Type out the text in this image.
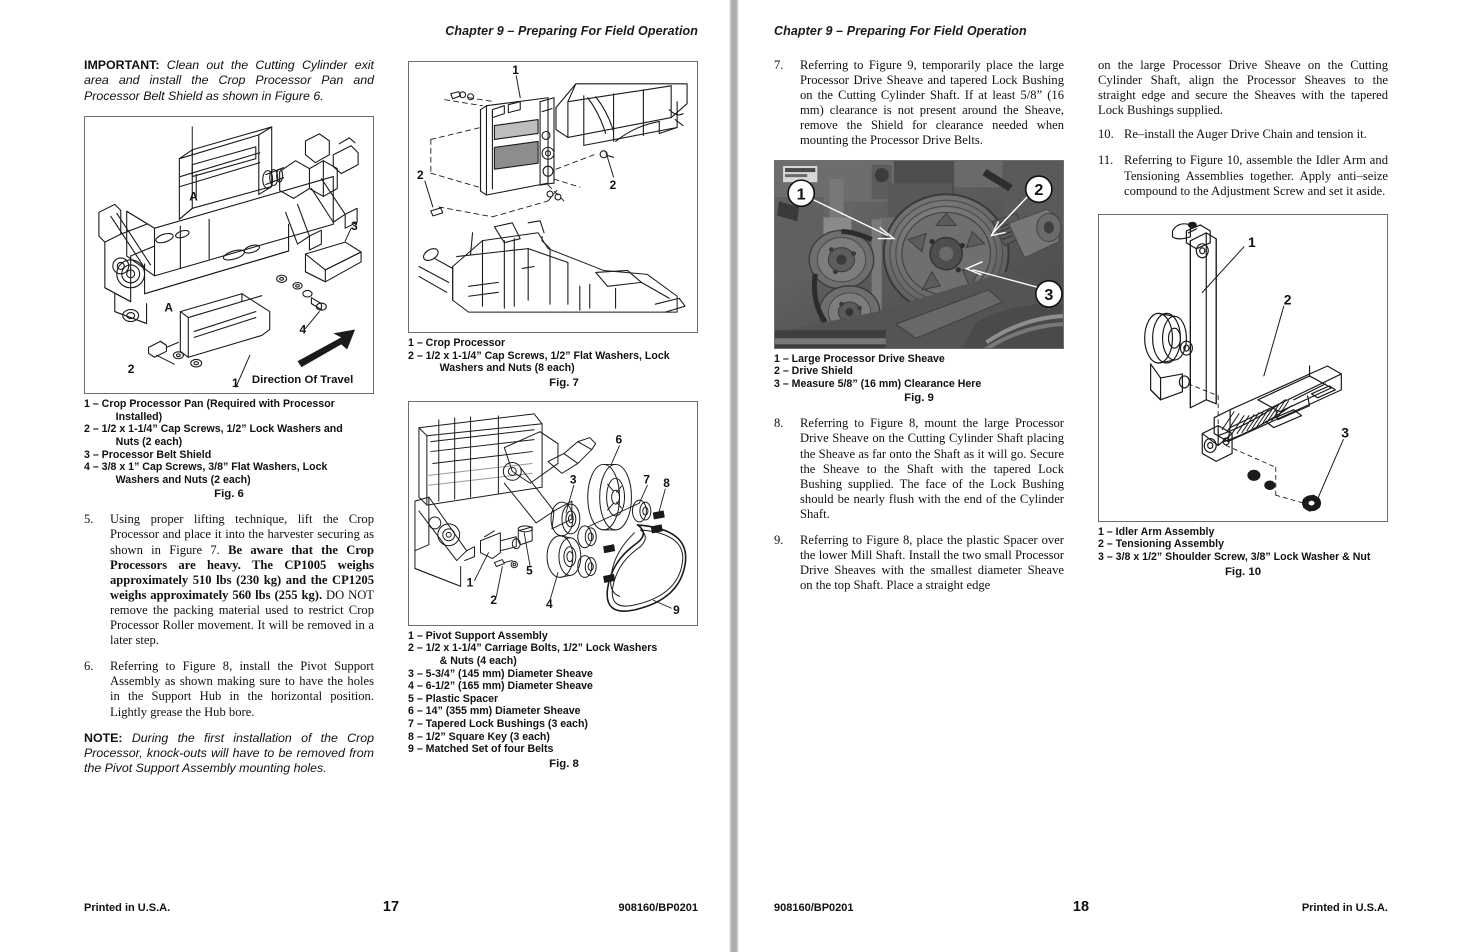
Chapter 9 – Preparing For Field Operation
IMPORTANT: Clean out the Cutting Cylinder exit area and install the Crop Processor Pan and Processor Belt Shield as shown in Figure 6.
1
2
3
4
A
A
Direction Of Travel
1 – Crop Processor Pan (Required with Processor
Installed)
2 – 1/2 x 1-1/4” Cap Screws, 1/2” Lock Washers and
Nuts (2 each)
3 – Processor Belt Shield
4 – 3/8 x 1” Cap Screws, 3/8” Flat Washers, Lock
Washers and Nuts (2 each)
Fig. 6
5.	Using proper lifting technique, lift the Crop Processor and place it into the harvester securing as shown in Figure 7. Be aware that the Crop Processors are heavy. The CP1005 weighs approximately 510 lbs (230 kg) and the CP1205 weighs approximately 560 lbs (255 kg). DO NOT remove the packing material used to restrict Crop Processor Roller movement. It will be removed in a later step.
6.	Referring to Figure 8, install the Pivot Support Assembly as shown making sure to have the holes in the Support Hub in the horizontal position. Lightly grease the Hub bore.
NOTE: During the first installation of the Crop Processor, knock-outs will have to be removed from the Pivot Support Assembly mounting holes.
1
2
2
1 – Crop Processor
2 – 1/2 x 1-1/4” Cap Screws, 1/2” Flat Washers, Lock
Washers and Nuts (8 each)
Fig. 7
6
3	7 8
1
2	4
5
9
1 – Pivot Support Assembly
2 – 1/2 x 1-1/4” Carriage Bolts, 1/2” Lock Washers
& Nuts (4 each)
3 – 5-3/4” (145 mm) Diameter Sheave
4 – 6-1/2” (165 mm) Diameter Sheave
5 – Plastic Spacer
6 – 14” (355 mm) Diameter Sheave
7 – Tapered Lock Bushings (3 each)
8 – 1/2” Square Key (3 each)
9 – Matched Set of four Belts
Fig. 8
Printed in U.S.A.	17	908160/BP0201
Chapter 9 – Preparing For Field Operation
7.	Referring to Figure 9, temporarily place the large Processor Drive Sheave and tapered Lock Bushing on the Cutting Cylinder Shaft. If at least 5/8” (16 mm) clearance is not present around the Sheave, remove the Shield for clearance needed when mounting the Processor Drive Belts.
1	2
3
1 – Large Processor Drive Sheave
2 – Drive Shield
3 – Measure 5/8” (16 mm) Clearance Here
Fig. 9
8.	Referring to Figure 8, mount the large Processor Drive Sheave on the Cutting Cylinder Shaft placing the Sheave as far onto the Shaft as it will go. Secure the Sheave to the Shaft with the tapered Lock Bushing supplied. The face of the Lock Bushing should be nearly flush with the end of the Cylinder Shaft.
9.	Referring to Figure 8, place the plastic Spacer over the lower Mill Shaft. Install the two small Processor Drive Sheaves with the smallest diameter Sheave on the top Shaft. Place a straight edge

on the large Processor Drive Sheave on the Cutting Cylinder Shaft, align the Processor Sheaves to the straight edge and secure the Sheaves with the tapered Lock Bushings supplied.

10. Re–install the Auger Drive Chain and tension it.
11. Referring to Figure 10, assemble the Idler Arm and Tensioning Assemblies together. Apply anti–seize compound to the Adjustment Screw and set it aside.
1
2
3
1 – Idler Arm Assembly
2 – Tensioning Assembly
3 – 3/8 x 1/2” Shoulder Screw, 3/8” Lock Washer & Nut
Fig. 10
908160/BP0201	18	Printed in U.S.A.
